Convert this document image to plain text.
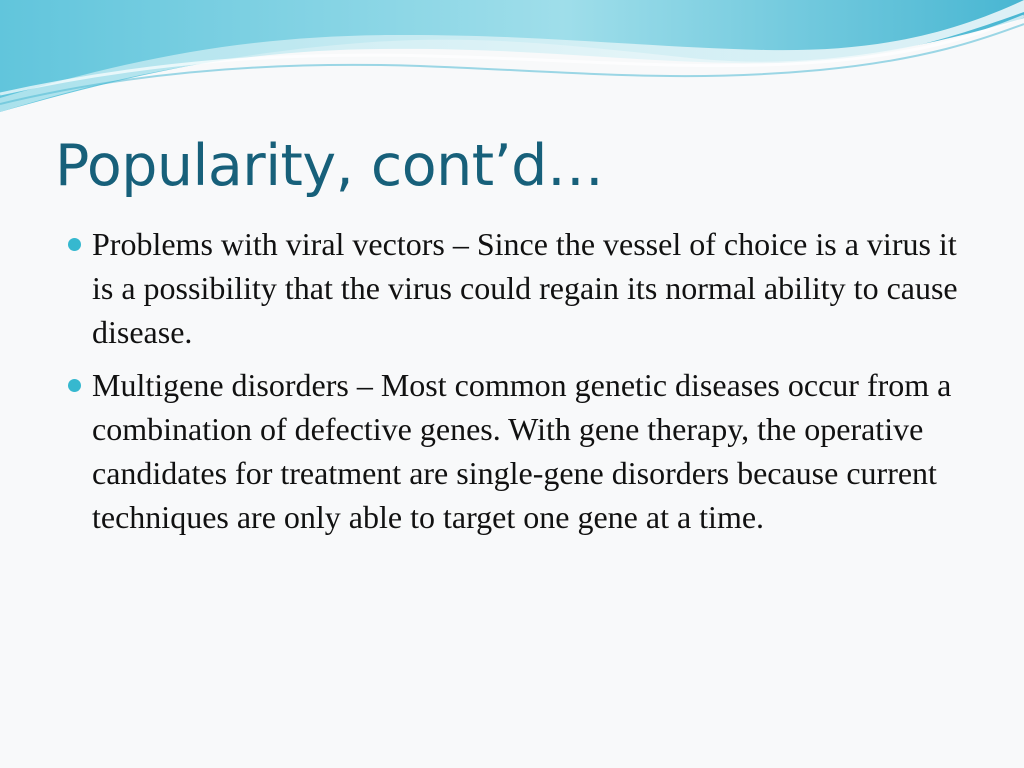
Popularity, cont’d…
Problems with viral vectors – Since the vessel of choice is a virus it is a possibility that the virus could regain its normal ability to cause disease.
Multigene disorders – Most common genetic diseases occur from a combination of defective genes. With gene therapy, the operative candidates for treatment are single-gene disorders because current techniques are only able to target one gene at a time.
